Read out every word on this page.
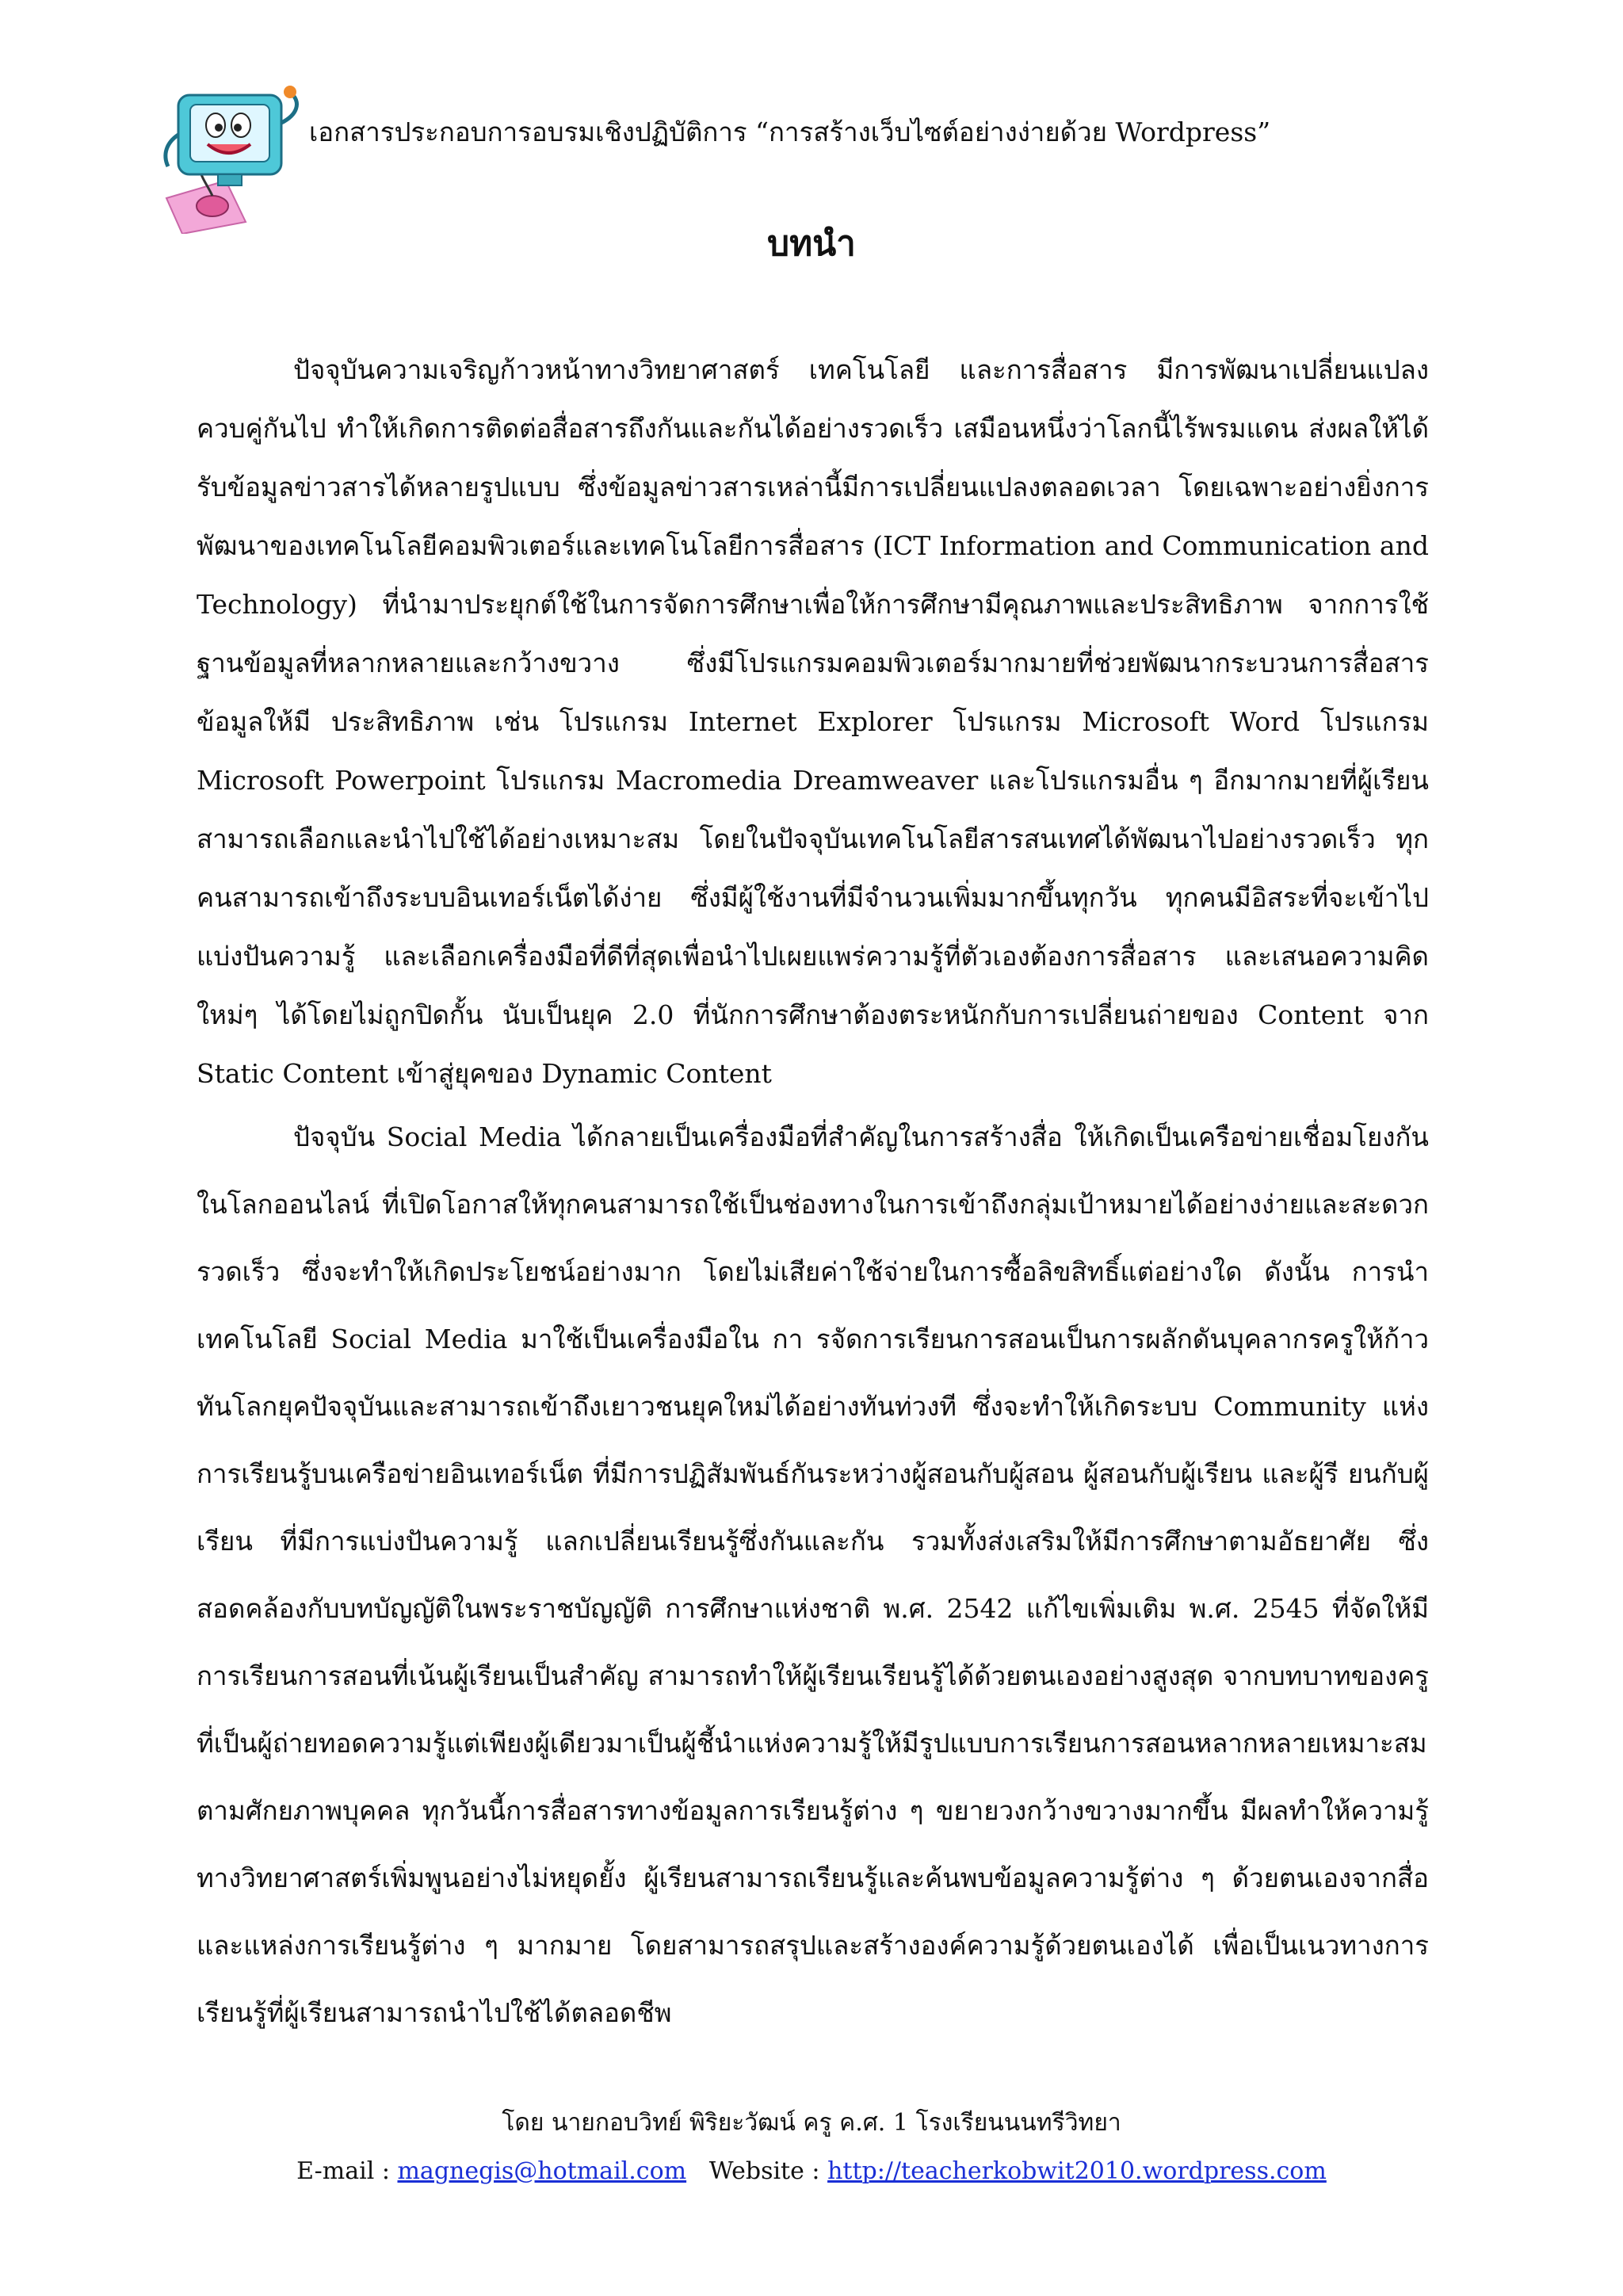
เอกสารประกอบการอบรมเชิงปฏิบัติการ “การสร้างเว็บไซต์อย่างง่ายด้วย Wordpress”
บทนำ

ปัจจุบันความเจริญก้าวหน้าทางวิทยาศาสตร์ เทคโนโลยี และการสื่อสาร มีการพัฒนาเปลี่ยนแปลงควบคู่กันไป ทำให้เกิดการติดต่อสื่อสารถึงกันและกันได้อย่างรวดเร็ว เสมือนหนึ่งว่าโลกนี้ไร้พรมแดน ส่งผลให้ได้รับข้อมูลข่าวสารได้หลายรูปแบบ ซึ่งข้อมูลข่าวสารเหล่านี้มีการเปลี่ยนแปลงตลอดเวลา โดยเฉพาะอย่างยิ่งการพัฒนาของเทคโนโลยีคอมพิวเตอร์และเทคโนโลยีการสื่อสาร (ICT Information and Communication and Technology) ที่นำมาประยุกต์ใช้ในการจัดการศึกษาเพื่อให้การศึกษามีคุณภาพและประสิทธิภาพ จากการใช้ฐานข้อมูลที่หลากหลายและกว้างขวาง ซึ่งมีโปรแกรมคอมพิวเตอร์มากมายที่ช่วยพัฒนากระบวนการสื่อสารข้อมูลให้มี ประสิทธิภาพ เช่น โปรแกรม Internet Explorer โปรแกรม Microsoft Word โปรแกรม Microsoft Powerpoint โปรแกรม Macromedia Dreamweaver และโปรแกรมอื่น ๆ อีกมากมายที่ผู้เรียนสามารถเลือกและนำไปใช้ได้อย่างเหมาะสม โดยในปัจจุบันเทคโนโลยีสารสนเทศได้พัฒนาไปอย่างรวดเร็ว ทุกคนสามารถเข้าถึงระบบอินเทอร์เน็ตได้ง่าย ซึ่งมีผู้ใช้งานที่มีจำนวนเพิ่มมากขึ้นทุกวัน ทุกคนมีอิสระที่จะเข้าไปแบ่งปันความรู้ และเลือกเครื่องมือที่ดีที่สุดเพื่อนำไปเผยแพร่ความรู้ที่ตัวเองต้องการสื่อสาร และเสนอความคิดใหม่ๆ ได้โดยไม่ถูกปิดกั้น นับเป็นยุค 2.0 ที่นักการศึกษาต้องตระหนักกับการเปลี่ยนถ่ายของ Content จาก Static Content เข้าสู่ยุคของ Dynamic Content

ปัจจุบัน Social Media ได้กลายเป็นเครื่องมือที่สำคัญในการสร้างสื่อ ให้เกิดเป็นเครือข่ายเชื่อมโยงกัน ในโลกออนไลน์ ที่เปิดโอกาสให้ทุกคนสามารถใช้เป็นช่องทางในการเข้าถึงกลุ่มเป้าหมายได้อย่างง่ายและสะดวกรวดเร็ว ซึ่งจะทำให้เกิดประโยชน์อย่างมาก โดยไม่เสียค่าใช้จ่ายในการซื้อลิขสิทธิ์แต่อย่างใด ดังนั้น การนำเทคโนโลยี Social Media มาใช้เป็นเครื่องมือใน กา รจัดการเรียนการสอนเป็นการผลักดันบุคลากรครูให้ก้าวทันโลกยุคปัจจุบันและสามารถเข้าถึงเยาวชนยุคใหม่ได้อย่างทันท่วงที ซึ่งจะทำให้เกิดระบบ Community แห่งการเรียนรู้บนเครือข่ายอินเทอร์เน็ต ที่มีการปฏิสัมพันธ์กันระหว่างผู้สอนกับผู้สอน ผู้สอนกับผู้เรียน และผู้รี ยนกับผู้เรียน ที่มีการแบ่งปันความรู้ แลกเปลี่ยนเรียนรู้ซึ่งกันและกัน รวมทั้งส่งเสริมให้มีการศึกษาตามอัธยาศัย ซึ่งสอดคล้องกับบทบัญญัติในพระราชบัญญัติ การศึกษาแห่งชาติ พ.ศ. 2542 แก้ไขเพิ่มเติม พ.ศ. 2545 ที่จัดให้มีการเรียนการสอนที่เน้นผู้เรียนเป็นสำคัญ สามารถทำให้ผู้เรียนเรียนรู้ได้ด้วยตนเองอย่างสูงสุด จากบทบาทของครูที่เป็นผู้ถ่ายทอดความรู้แต่เพียงผู้เดียวมาเป็นผู้ชี้นำแห่งความรู้ให้มีรูปแบบการเรียนการสอนหลากหลายเหมาะสมตามศักยภาพบุคคล ทุกวันนี้การสื่อสารทางข้อมูลการเรียนรู้ต่าง ๆ ขยายวงกว้างขวางมากขึ้น มีผลทำให้ความรู้ทางวิทยาศาสตร์เพิ่มพูนอย่างไม่หยุดยั้ง ผู้เรียนสามารถเรียนรู้และค้นพบข้อมูลความรู้ต่าง ๆ ด้วยตนเองจากสื่อและแหล่งการเรียนรู้ต่าง ๆ มากมาย โดยสามารถสรุปและสร้างองค์ความรู้ด้วยตนเองได้ เพื่อเป็นเนวทางการเรียนรู้ที่ผู้เรียนสามารถนำไปใช้ได้ตลอดชีพ

โดย นายกอบวิทย์ พิริยะวัฒน์ ครู ค.ศ. 1 โรงเรียนนนทรีวิทยา
E-mail : magnegis@hotmail.com Website : http://teacherkobwit2010.wordpress.com
